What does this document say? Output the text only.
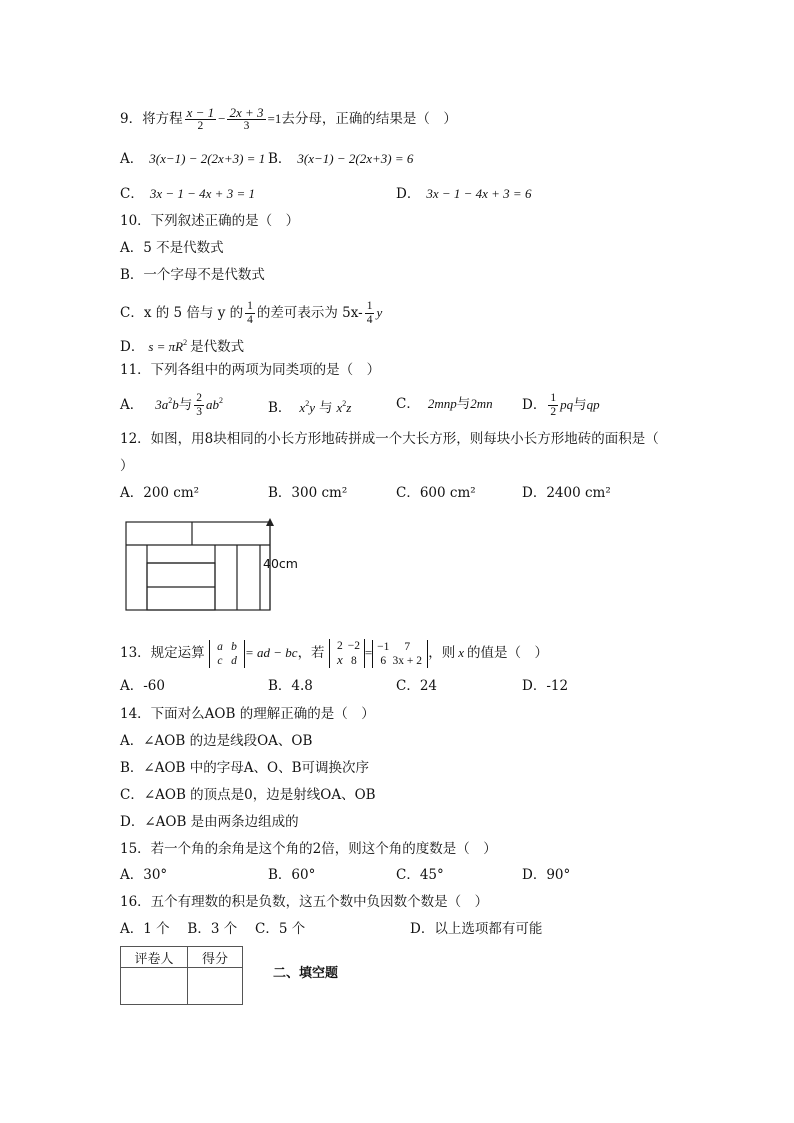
9．将方程 $\frac{x - 1}{2} - \frac{2x + 3}{3} =1$去分母，正确的结果是（　）
A． 3(x−1) − 2(2x+3) = 1 B． 3(x−1) − 2(2x+3) = 6
C． 3x − 1 − 4x + 3 = 1	D． 3x − 1 − 4x + 3 = 6
10．下列叙述正确的是（　）
A．5 不是代数式
B．一个字母不是代数式
C．x 的 5 倍与 y 的 $\frac{1}{4}$ 的差可表示为 $5x- \frac{1}{4}$ y
D． $s = \pi R^2$ 是代数式
11．下列各组中的两项为同类项的是（　）
A． $3a^2b$与 $\frac{2}{3} ab^2$	B． $x^2y$ 与 $x^2z$	C． 2mnp与2mn D． $\frac{1}{2}$ pq与qp
12．如图，用8块相同的小长方形地砖拼成一个大长方形，则每块小长方形地砖的面积是（
）
A．200 cm²	B．300 cm²	C．600 cm²	D．2400 cm²
40cm
13．规定运算	a b
c d
= ad − bc，若	2 −2
x 8
= −1 7
6 3x + 2 ，则 x 的值是（　）
A．-60	B．4.8	C．24	D．-12
14．下面对么AOB 的理解正确的是（　）
A．∠AOB 的边是线段OA、OB
B．∠AOB 中的字母A、O、B可调换次序
C．∠AOB 的顶点是0，边是射线OA、OB
D．∠AOB 是由两条边组成的
15．若一个角的余角是这个角的2倍，则这个角的度数是（　）
A．30°	B．60°	C．45°	D．90°
16．五个有理数的积是负数，这五个数中负因数个数是（　）
A．1 个　 B．3 个　 C．5 个	D．以上选项都有可能
评卷人	得分

二、填空题
